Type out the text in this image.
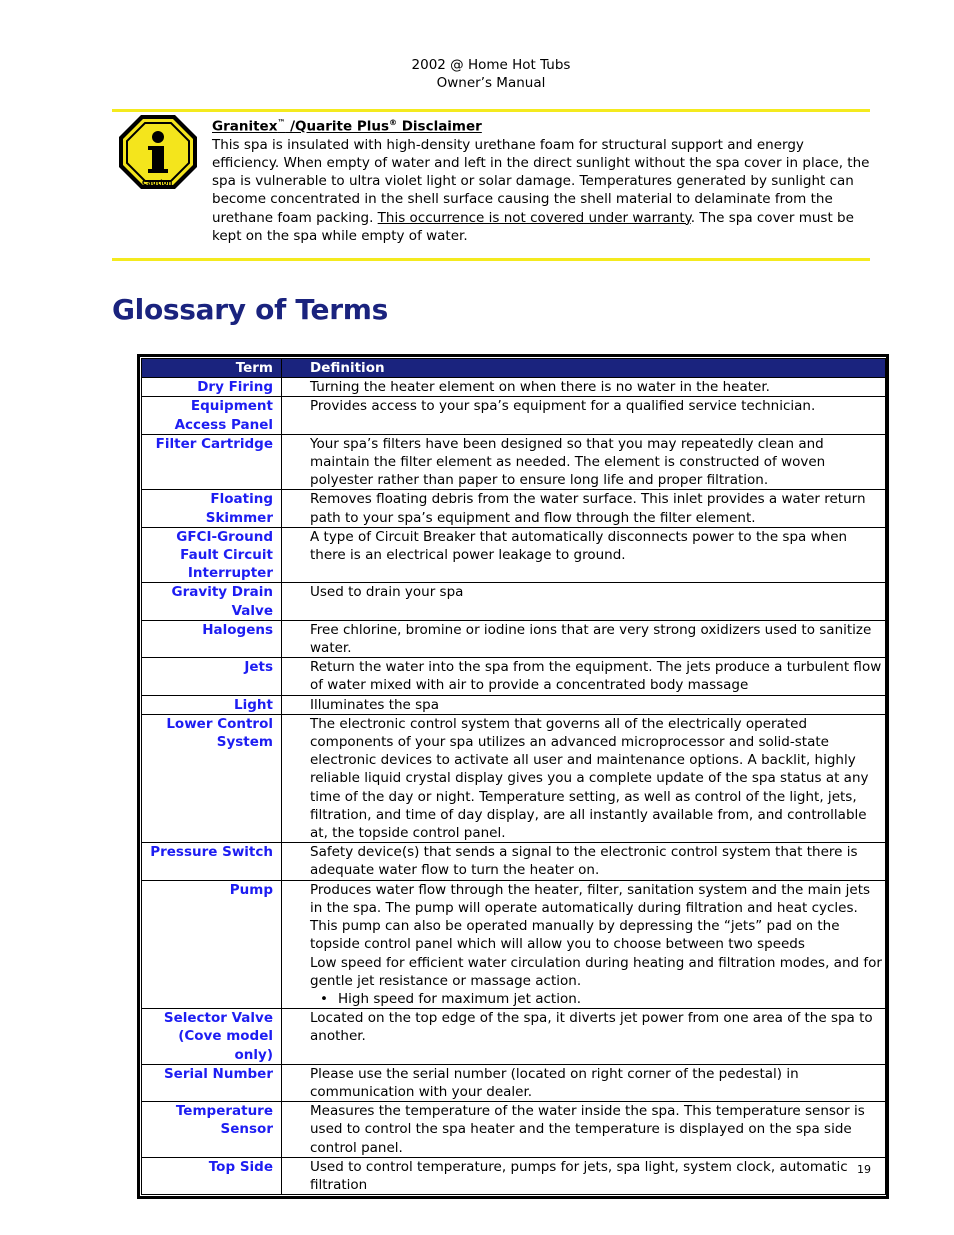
2002 @ Home Hot Tubs
Owner’s Manual
Caution
Granitex™ /Quarite Plus® Disclaimer
This spa is insulated with high-density urethane foam for structural support and energy efficiency. When empty of water and left in the direct sunlight without the spa cover in place, the spa is vulnerable to ultra violet light or solar damage. Temperatures generated by sunlight can become concentrated in the shell surface causing the shell material to delaminate from the urethane foam packing. This occurrence is not covered under warranty. The spa cover must be kept on the spa while empty of water.
Glossary of Terms
Term	Definition
Dry Firing	Turning the heater element on when there is no water in the heater.

Equipment Access Panel	Provides access to your spa’s equipment for a qualified service technician.

Filter Cartridge	Your spa’s filters have been designed so that you may repeatedly clean and maintain the filter element as needed. The element is constructed of woven polyester rather than paper to ensure long life and proper filtration.

Floating Skimmer	Removes floating debris from the water surface. This inlet provides a water return path to your spa’s equipment and flow through the filter element.

GFCI-Ground Fault Circuit Interrupter	A type of Circuit Breaker that automatically disconnects power to the spa when there is an electrical power leakage to ground.

Gravity Drain Valve	Used to drain your spa

Halogens	Free chlorine, bromine or iodine ions that are very strong oxidizers used to sanitize water.

Jets	Return the water into the spa from the equipment. The jets produce a turbulent flow of water mixed with air to provide a concentrated body massage

Light	Illuminates the spa

Lower Control System	The electronic control system that governs all of the electrically operated components of your spa utilizes an advanced microprocessor and solid-state electronic devices to activate all user and maintenance options. A backlit, highly reliable liquid crystal display gives you a complete update of the spa status at any time of the day or night. Temperature setting, as well as control of the light, jets, filtration, and time of day display, are all instantly available from, and controllable at, the topside control panel.

Pressure Switch	Safety device(s) that sends a signal to the electronic control system that there is adequate water flow to turn the heater on.

Pump	Produces water flow through the heater, filter, sanitation system and the main jets in the spa. The pump will operate automatically during filtration and heat cycles. This pump can also be operated manually by depressing the “jets” pad on the topside control panel which will allow you to choose between two speeds
Low speed for efficient water circulation during heating and filtration modes, and for gentle jet resistance or massage action.
• High speed for maximum jet action.

Selector Valve (Cove model only)	Located on the top edge of the spa, it diverts jet power from one area of the spa to another.

Serial Number	Please use the serial number (located on right corner of the pedestal) in communication with your dealer.

Temperature Sensor	Measures the temperature of the water inside the spa. This temperature sensor is used to control the spa heater and the temperature is displayed on the spa side control panel.

Top Side	Used to control temperature, pumps for jets, spa light, system clock, automatic filtration
19
